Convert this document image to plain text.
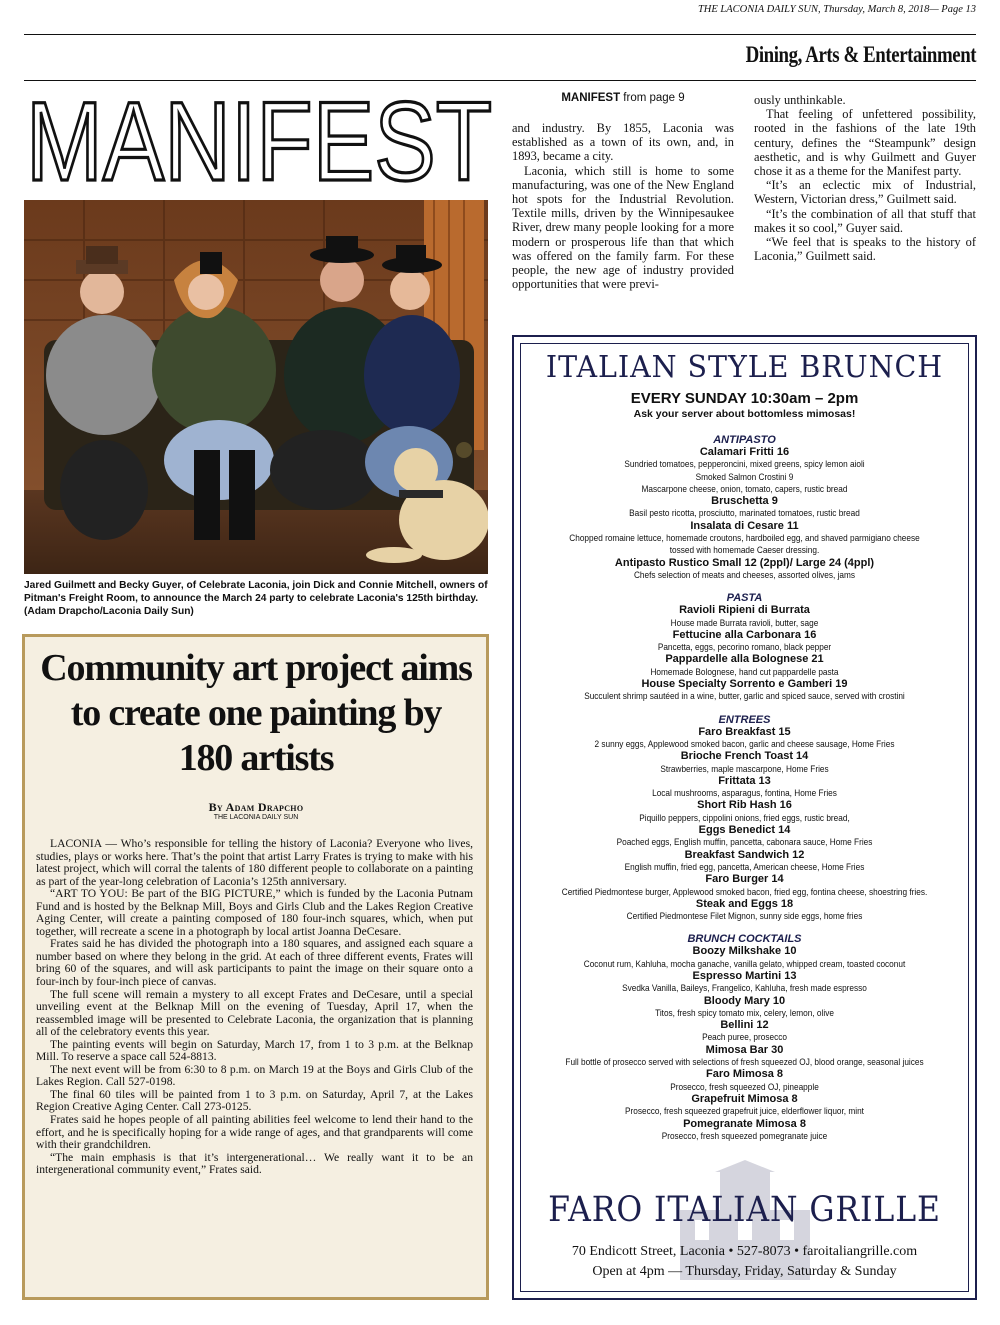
THE LACONIA DAILY SUN, Thursday, March 8, 2018— Page 13
Dining, Arts & Entertainment
MANIFEST
Jared Guilmett and Becky Guyer, of Celebrate Laconia, join Dick and Connie Mitchell, owners of Pitman's Freight Room, to announce the March 24 party to celebrate Laconia's 125th birthday. (Adam Drapcho/Laconia Daily Sun)
Community art project aims to create one painting by 180 artists
By Adam Drapcho
THE LACONIA DAILY SUN

LACONIA — Who’s responsible for telling the history of Laconia? Everyone who lives, studies, plays or works here. That’s the point that artist Larry Frates is trying to make with his latest project, which will corral the talents of 180 different people to collaborate on a painting as part of the year-long celebration of Laconia’s 125th anniversary.

“ART TO YOU: Be part of the BIG PICTURE,” which is funded by the Laconia Putnam Fund and is hosted by the Belknap Mill, Boys and Girls Club and the Lakes Region Creative Aging Center, will create a painting composed of 180 four-inch squares, which, when put together, will recreate a scene in a photograph by local artist Joanna DeCesare.

Frates said he has divided the photograph into a 180 squares, and assigned each square a number based on where they belong in the grid. At each of three different events, Frates will bring 60 of the squares, and will ask participants to paint the image on their square onto a four-inch by four-inch piece of canvas.

The full scene will remain a mystery to all except Frates and DeCesare, until a special unveiling event at the Belknap Mill on the evening of Tuesday, April 17, when the reassembled image will be presented to Celebrate Laconia, the organization that is planning all of the celebratory events this year.

The painting events will begin on Saturday, March 17, from 1 to 3 p.m. at the Belknap Mill. To reserve a space call 524-8813.

The next event will be from 6:30 to 8 p.m. on March 19 at the Boys and Girls Club of the Lakes Region. Call 527-0198.

The final 60 tiles will be painted from 1 to 3 p.m. on Saturday, April 7, at the Lakes Region Creative Aging Center. Call 273-0125.

Frates said he hopes people of all painting abilities feel welcome to lend their hand to the effort, and he is specifically hoping for a wide range of ages, and that grandparents will come with their grandchildren.

“The main emphasis is that it’s intergenerational… We really want it to be an intergenerational community event,” Frates said.

MANIFEST from page 9

and industry. By 1855, Laconia was established as a town of its own, and, in 1893, became a city.

Laconia, which still is home to some manufacturing, was one of the New England hot spots for the Industrial Revolution. Textile mills, driven by the Winnipesaukee River, drew many people looking for a more modern or prosperous life than that which was offered on the family farm. For these people, the new age of industry provided opportunities that were previ-

ously unthinkable.

That feeling of unfettered possibility, rooted in the fashions of the late 19th century, defines the “Steampunk” design aesthetic, and is why Guilmett and Guyer chose it as a theme for the Manifest party.

“It’s an eclectic mix of Industrial, Western, Victorian dress,” Guilmett said.

“It’s the combination of all that stuff that makes it so cool,” Guyer said.

“We feel that is speaks to the history of Laconia,” Guilmett said.

ITALIAN STYLE BRUNCH
EVERY SUNDAY 10:30am – 2pm
Ask your server about bottomless mimosas!
ANTIPASTO
Calamari Fritti 16
Sundried tomatoes, pepperoncini, mixed greens, spicy lemon aioli
Smoked Salmon Crostini 9
Mascarpone cheese, onion, tomato, capers, rustic bread
Bruschetta 9
Basil pesto ricotta, prosciutto, marinated tomatoes, rustic bread
Insalata di Cesare 11
Chopped romaine lettuce, homemade croutons, hardboiled egg, and shaved parmigiano cheese
tossed with homemade Caeser dressing.
Antipasto Rustico Small 12 (2ppl)/ Large 24 (4ppl)
Chefs selection of meats and cheeses, assorted olives, jams
PASTA
Ravioli Ripieni di Burrata
House made Burrata ravioli, butter, sage
Fettucine alla Carbonara 16
Pancetta, eggs, pecorino romano, black pepper
Pappardelle alla Bolognese 21
Homemade Bolognese, hand cut pappardelle pasta
House Specialty Sorrento e Gamberi 19
Succulent shrimp sautéed in a wine, butter, garlic and spiced sauce, served with crostini
ENTREES
Faro Breakfast 15
2 sunny eggs, Applewood smoked bacon, garlic and cheese sausage, Home Fries
Brioche French Toast 14
Strawberries, maple mascarpone, Home Fries
Frittata 13
Local mushrooms, asparagus, fontina, Home Fries
Short Rib Hash 16
Piquillo peppers, cippolini onions, fried eggs, rustic bread,
Eggs Benedict 14
Poached eggs, English muffin, pancetta, cabonara sauce, Home Fries
Breakfast Sandwich 12
English muffin, fried egg, pancetta, American cheese, Home Fries
Faro Burger 14
Certified Piedmontese burger, Applewood smoked bacon, fried egg, fontina cheese, shoestring fries.
Steak and Eggs 18
Certified Piedmontese Filet Mignon, sunny side eggs, home fries
BRUNCH COCKTAILS
Boozy Milkshake 10
Coconut rum, Kahluha, mocha ganache, vanilla gelato, whipped cream, toasted coconut
Espresso Martini 13
Svedka Vanilla, Baileys, Frangelico, Kahluha, fresh made espresso
Bloody Mary 10
Titos, fresh spicy tomato mix, celery, lemon, olive
Bellini 12
Peach puree, prosecco
Mimosa Bar 30
Full bottle of prosecco served with selections of fresh squeezed OJ, blood orange, seasonal juices
Faro Mimosa 8
Prosecco, fresh squeezed OJ, pineapple
Grapefruit Mimosa 8
Prosecco, fresh squeezed grapefruit juice, elderflower liquor, mint
Pomegranate Mimosa 8
Prosecco, fresh squeezed pomegranate juice
FARO ITALIAN GRILLE
70 Endicott Street, Laconia • 527-8073 • faroitaliangrille.com
Open at 4pm — Thursday, Friday, Saturday & Sunday
